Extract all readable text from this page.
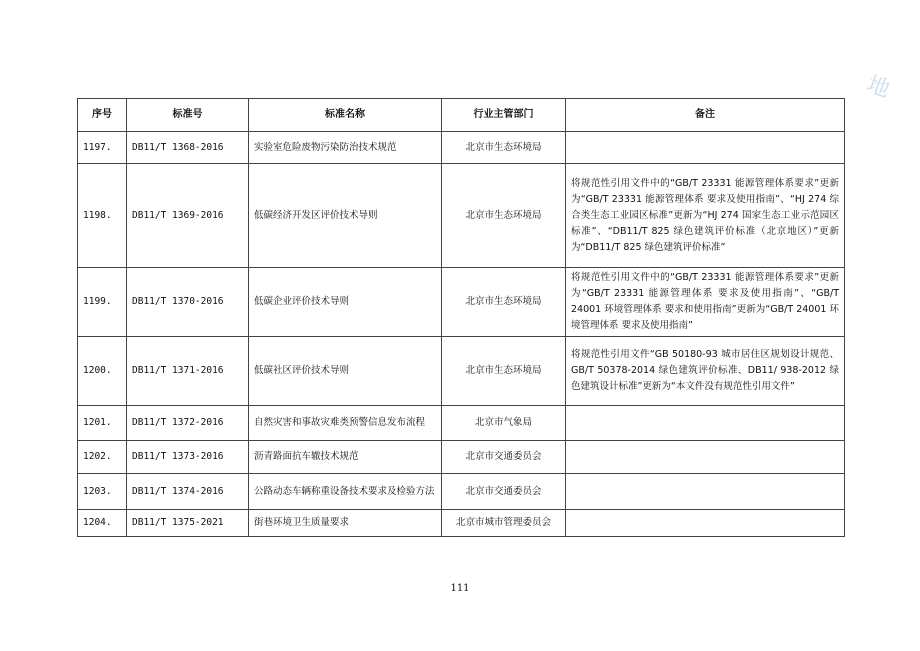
地
序号	标准号	标准名称	行业主管部门	备注
1197.	DB11/T 1368-2016	实验室危险废物污染防治技术规范	北京市生态环境局	
1198.	DB11/T 1369-2016	低碳经济开发区评价技术导则	北京市生态环境局	将规范性引用文件中的“GB/T 23331 能源管理体系要求”更新为“GB/T 23331 能源管理体系 要求及使用指南”、“HJ 274 综合类生态工业园区标准”更新为“HJ 274 国家生态工业示范园区标准”、“DB11/T 825 绿色建筑评价标准（北京地区）”更新为“DB11/T 825 绿色建筑评价标准”
1199.	DB11/T 1370-2016	低碳企业评价技术导则	北京市生态环境局	将规范性引用文件中的“GB/T 23331 能源管理体系要求”更新为“GB/T 23331 能源管理体系 要求及使用指南”、“GB/T 24001 环境管理体系 要求和使用指南”更新为“GB/T 24001 环境管理体系 要求及使用指南”
1200.	DB11/T 1371-2016	低碳社区评价技术导则	北京市生态环境局	将规范性引用文件“GB 50180-93 城市居住区规划设计规范、GB/T 50378-2014 绿色建筑评价标准、DB11/ 938-2012 绿色建筑设计标准”更新为“本文件没有规范性引用文件”
1201.	DB11/T 1372-2016	自然灾害和事故灾难类预警信息发布流程	北京市气象局	
1202.	DB11/T 1373-2016	沥青路面抗车辙技术规范	北京市交通委员会	
1203.	DB11/T 1374-2016	公路动态车辆称重设备技术要求及检验方法	北京市交通委员会	
1204.	DB11/T 1375-2021	街巷环境卫生质量要求	北京市城市管理委员会	
111
